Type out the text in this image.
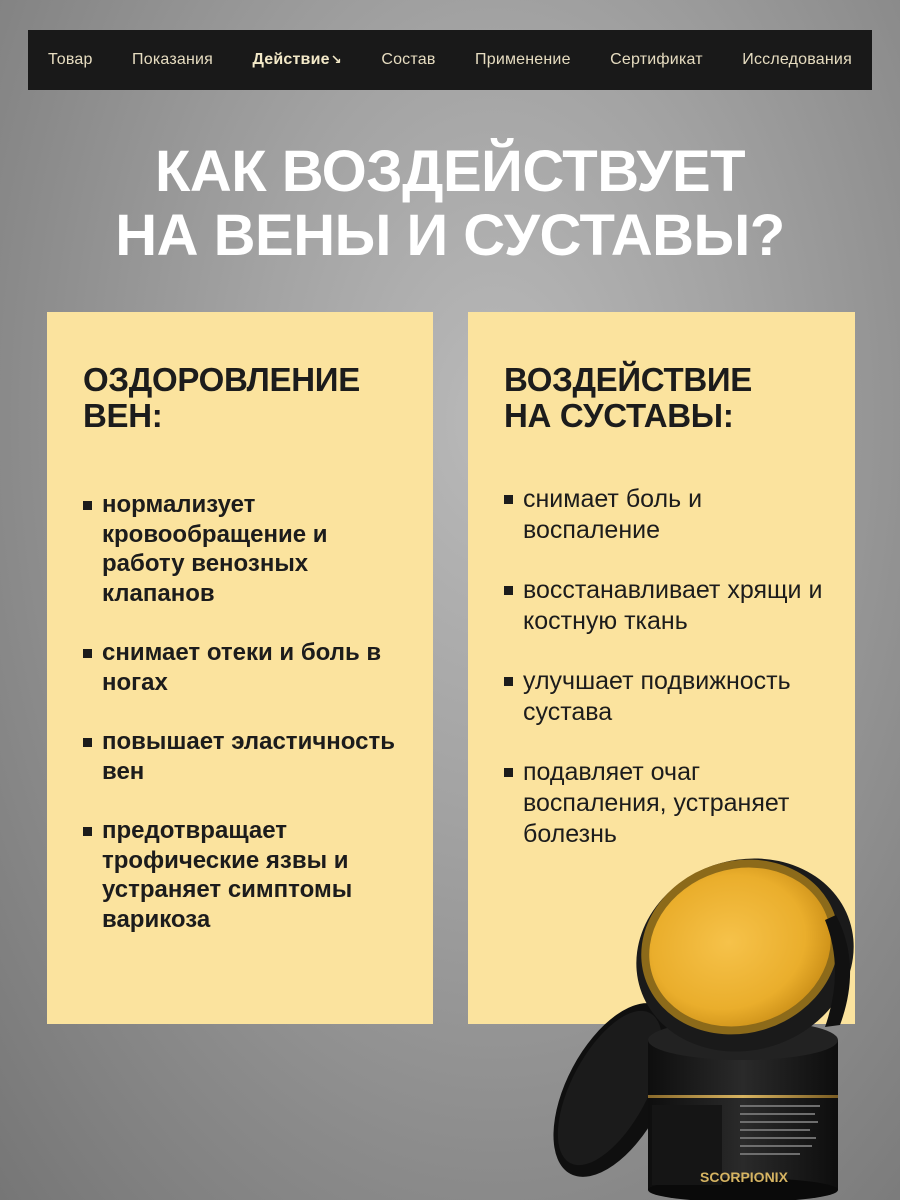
Товар Показания Действие↘ Состав Применение Сертификат Исследования
КАК ВОЗДЕЙСТВУЕТ
НА ВЕНЫ И СУСТАВЫ?
ОЗДОРОВЛЕНИЕ
ВЕН:
нормализует кровообращение и работу венозных клапанов
снимает отеки и боль в ногах
повышает эластичность вен
предотвращает трофические язвы и устраняет симптомы варикоза
ВОЗДЕЙСТВИЕ
НА СУСТАВЫ:
снимает боль и воспаление
восстанавливает хрящи и костную ткань
улучшает подвижность сустава
подавляет очаг воспаления, устраняет болезнь
SCORPIONIX
